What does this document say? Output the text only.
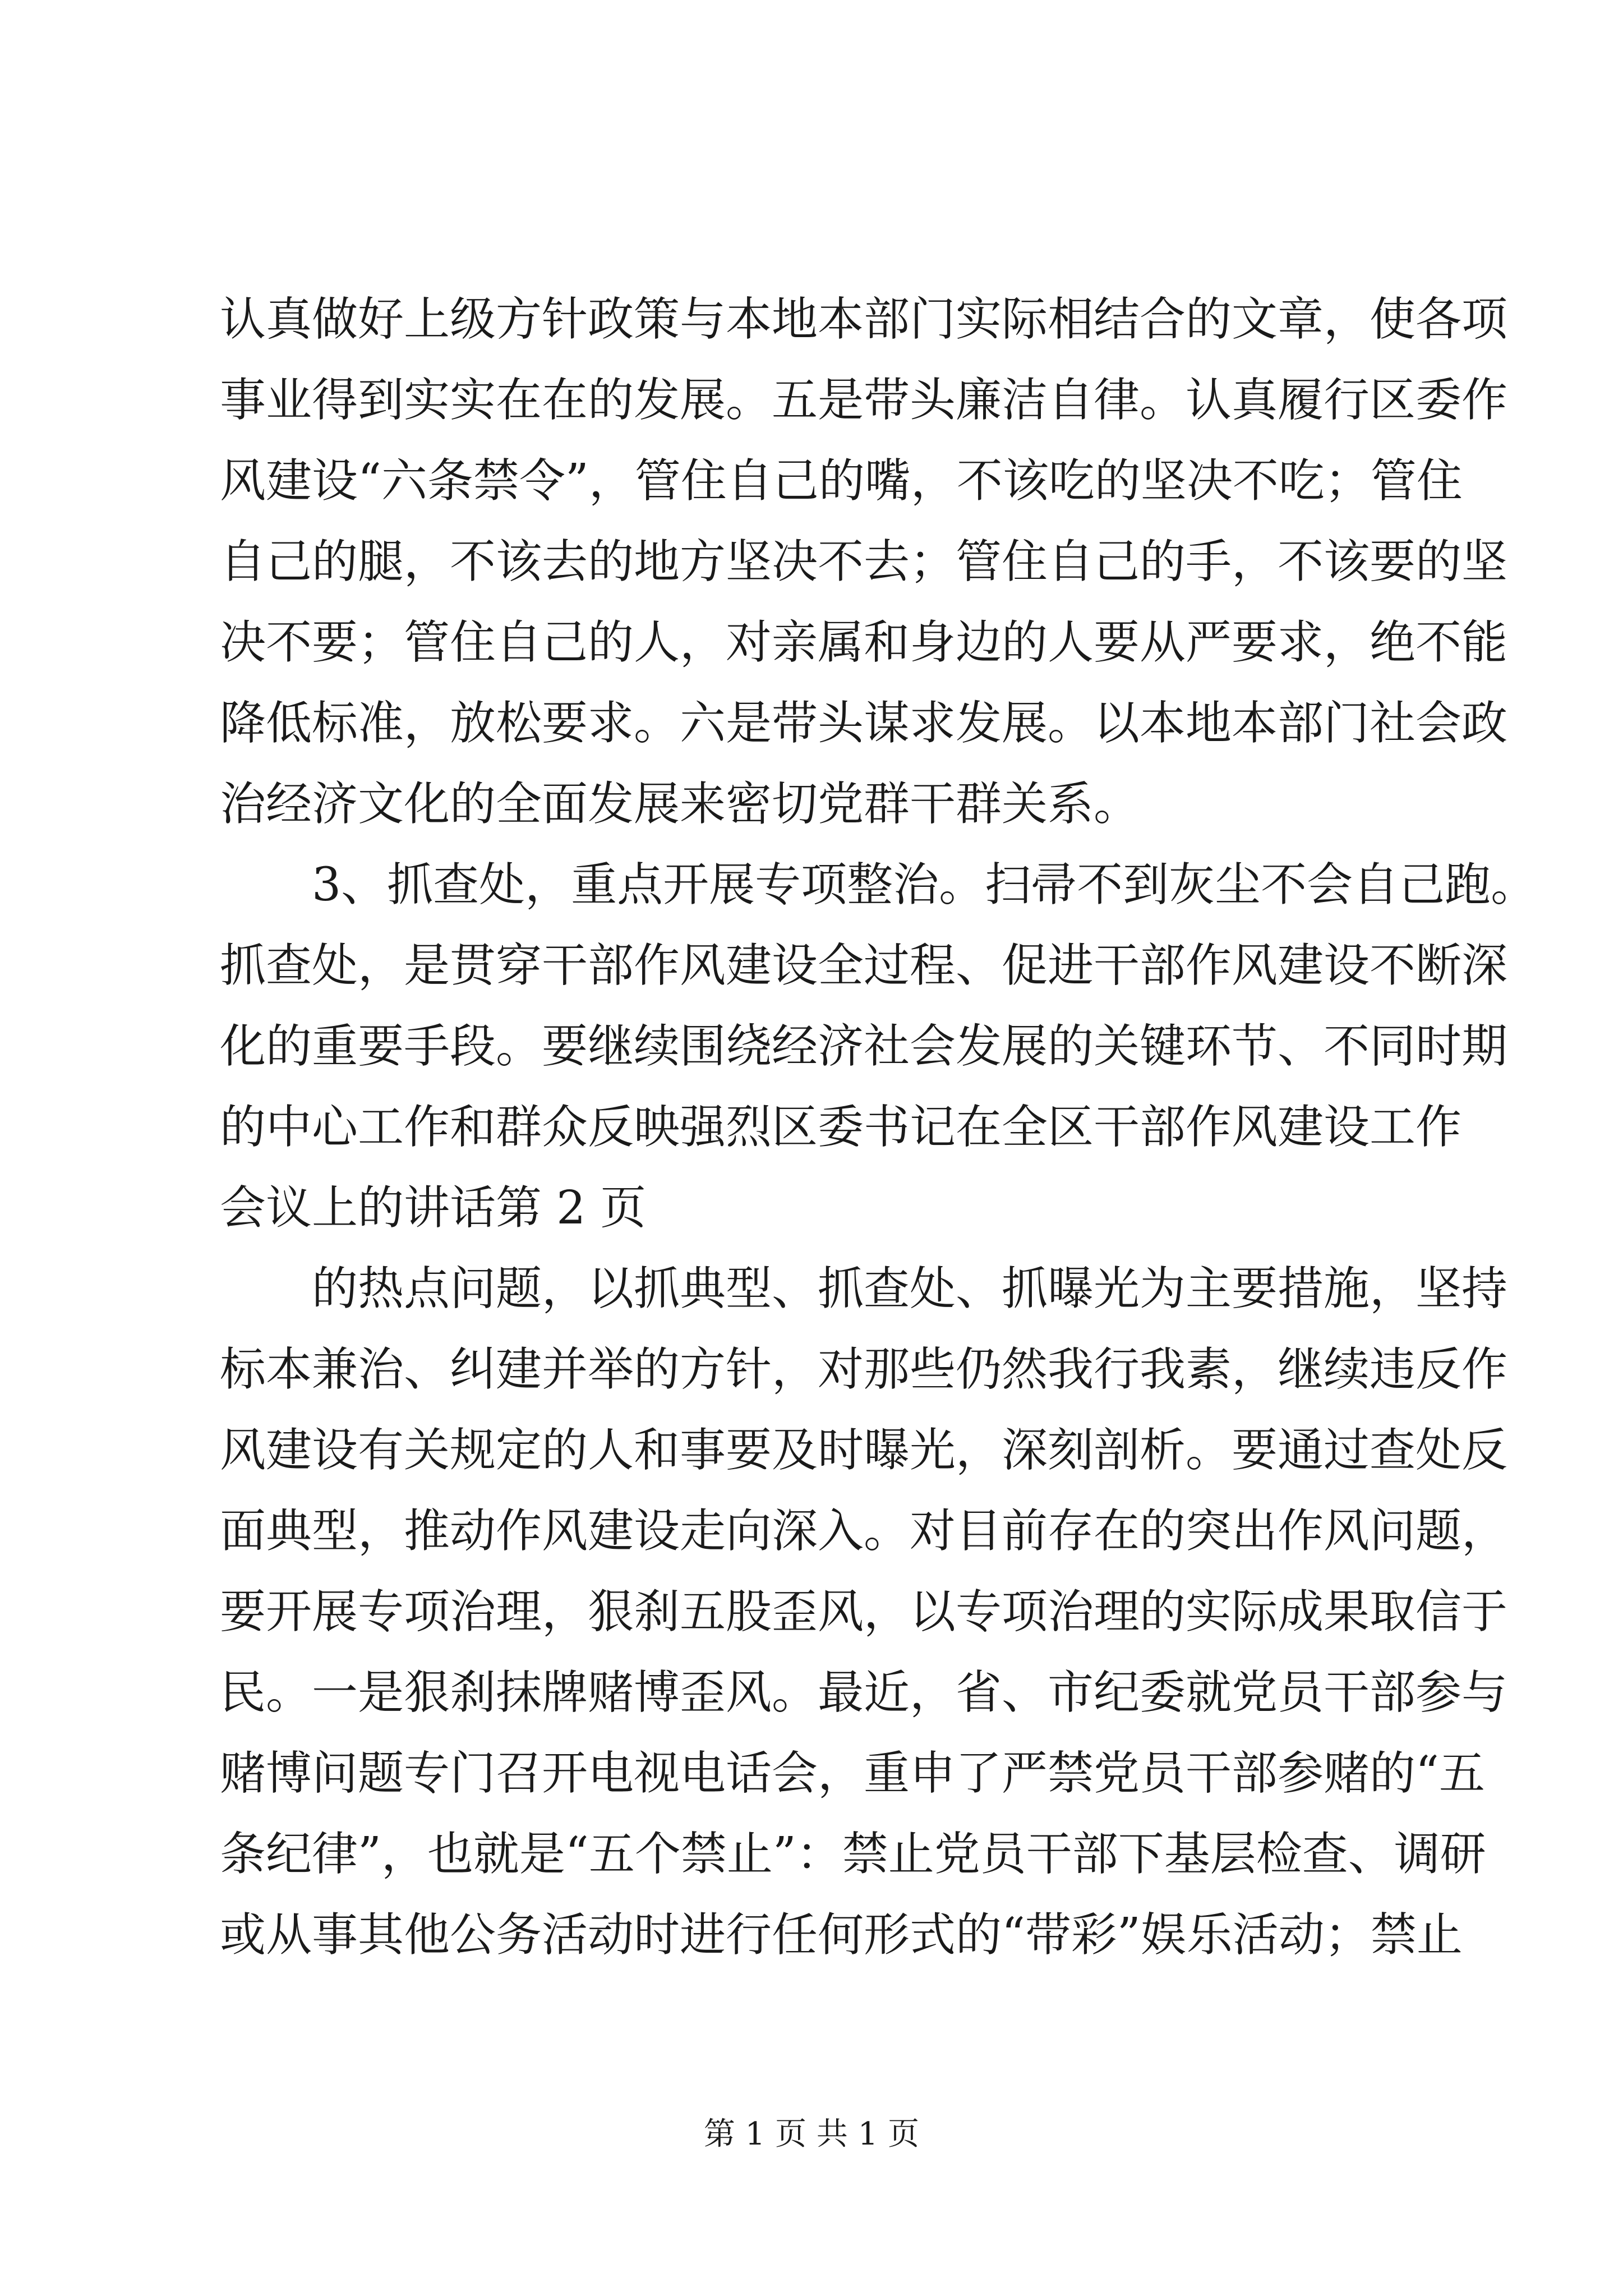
认真做好上级方针政策与本地本部门实际相结合的文章，使各项
事业得到实实在在的发展。五是带头廉洁自律。认真履行区委作
风建设“六条禁令”，管住自己的嘴，不该吃的坚决不吃；管住
自己的腿，不该去的地方坚决不去；管住自己的手，不该要的坚
决不要；管住自己的人，对亲属和身边的人要从严要求，绝不能
降低标准，放松要求。六是带头谋求发展。以本地本部门社会政
治经济文化的全面发展来密切党群干群关系。
3、抓查处，重点开展专项整治。扫帚不到灰尘不会自己跑。
抓查处，是贯穿干部作风建设全过程、促进干部作风建设不断深
化的重要手段。要继续围绕经济社会发展的关键环节、不同时期
的中心工作和群众反映强烈区委书记在全区干部作风建设工作
会议上的讲话第 2 页
的热点问题，以抓典型、抓查处、抓曝光为主要措施，坚持
标本兼治、纠建并举的方针，对那些仍然我行我素，继续违反作
风建设有关规定的人和事要及时曝光，深刻剖析。要通过查处反
面典型，推动作风建设走向深入。对目前存在的突出作风问题，
要开展专项治理，狠刹五股歪风，以专项治理的实际成果取信于
民。一是狠刹抹牌赌博歪风。最近，省、市纪委就党员干部参与
赌博问题专门召开电视电话会，重申了严禁党员干部参赌的“五
条纪律”，也就是“五个禁止”：禁止党员干部下基层检查、调研
或从事其他公务活动时进行任何形式的“带彩”娱乐活动；禁止
第 1 页 共 1 页
